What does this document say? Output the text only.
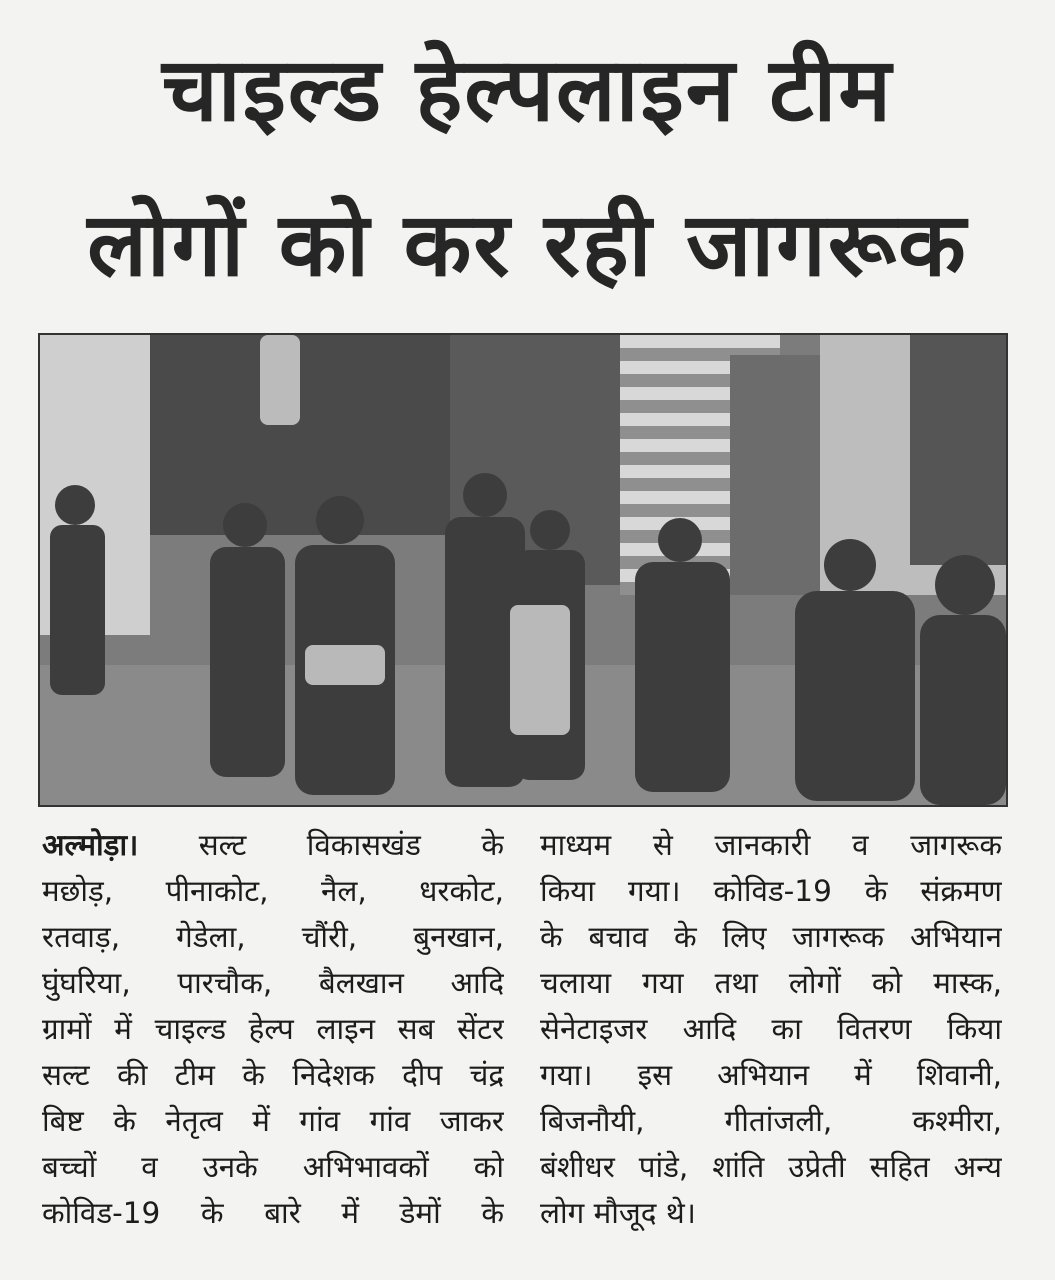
चाइल्ड हेल्पलाइन टीम
लोगों को कर रही जागरूक
अल्मोड़ा। सल्ट विकासखंड के
मछोड़, पीनाकोट, नैल, धरकोट,
रतवाड़, गेडेला, चौंरी, बुनखान,
घुंघरिया, पारचौक, बैलखान आदि
ग्रामों में चाइल्ड हेल्प लाइन सब सेंटर
सल्ट की टीम के निदेशक दीप चंद्र
बिष्ट के नेतृत्व में गांव गांव जाकर
बच्चों व उनके अभिभावकों को
कोविड-19 के बारे में डेमों के
माध्यम से जानकारी व जागरूक
किया गया। कोविड-19 के संक्रमण
के बचाव के लिए जागरूक अभियान
चलाया गया तथा लोगों को मास्क,
सेनेटाइजर आदि का वितरण किया
गया। इस अभियान में शिवानी,
बिजनौयी, गीतांजली, कश्मीरा,
बंशीधर पांडे, शांति उप्रेती सहित अन्य
लोग मौजूद थे।
